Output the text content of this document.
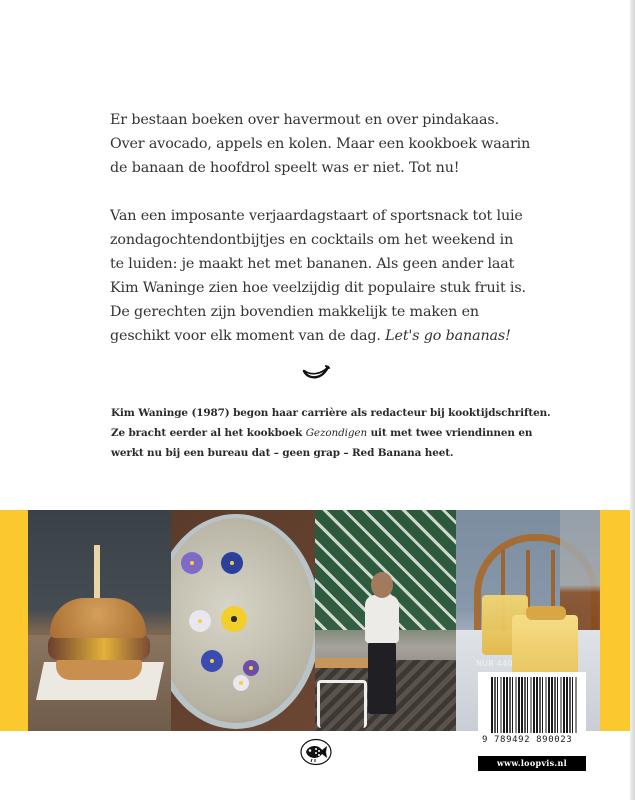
Er bestaan boeken over havermout en over pindakaas.

Over avocado, appels en kolen. Maar een kookboek waarin

de banaan de hoofdrol speelt was er niet. Tot nu!

Van een imposante verjaardagstaart of sportsnack tot luie

zondagochtendontbijtjes en cocktails om het weekend in

te luiden: je maakt het met bananen. Als geen ander laat

Kim Waninge zien hoe veelzijdig dit populaire stuk fruit is.

De gerechten zijn bovendien makkelijk te maken en

geschikt voor elk moment van de dag. Let's go bananas!

Kim Waninge (1987) begon haar carrière als redacteur bij kooktijdschriften.

Ze bracht eerder al het kookboek Gezondigen uit met twee vriendinnen en

werkt nu bij een bureau dat – geen grap – Red Banana heet.

NUR 440
9 789492 890023
www.loopvis.nl
